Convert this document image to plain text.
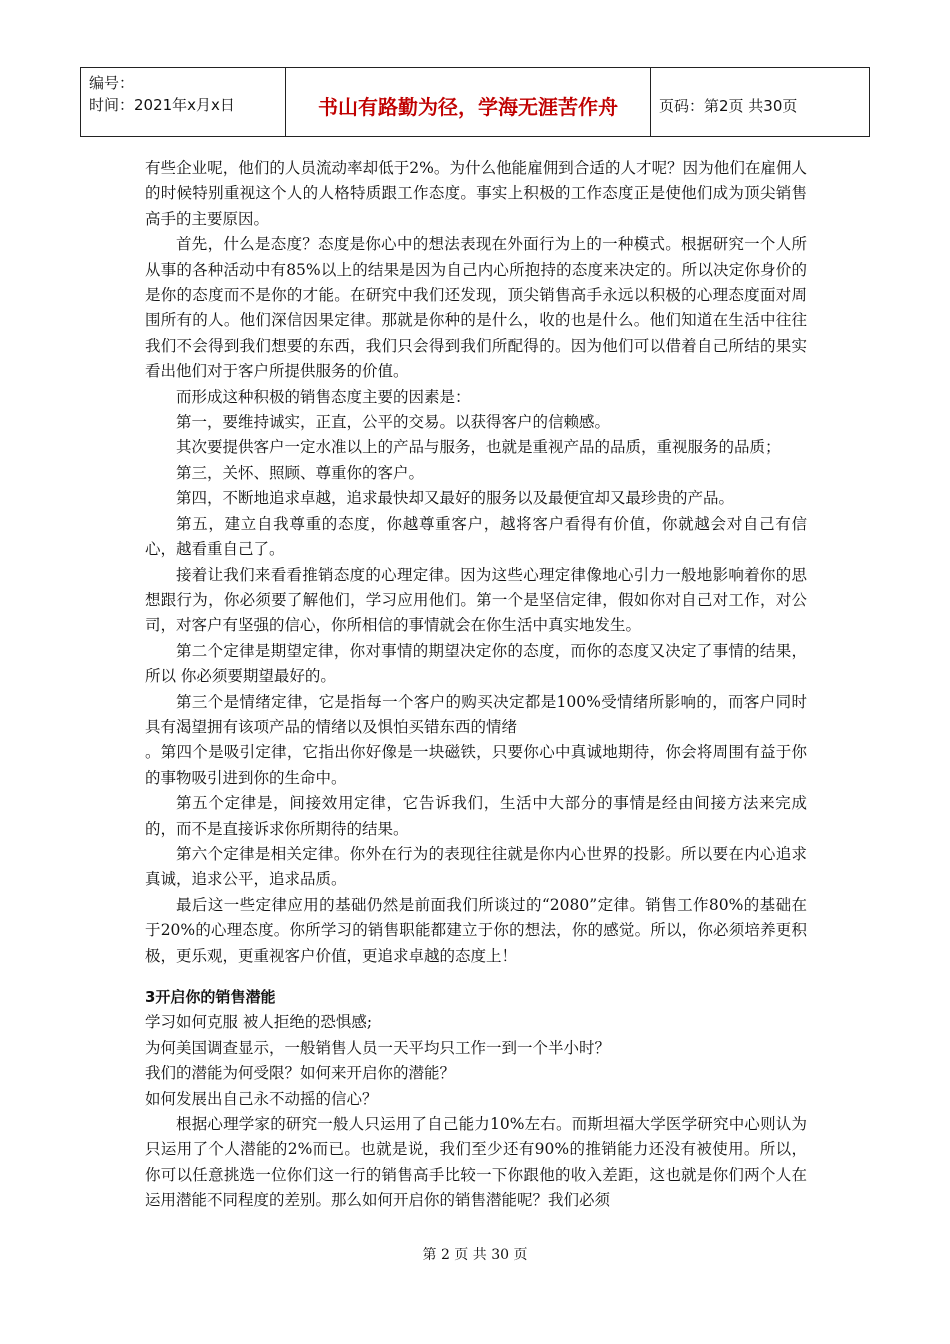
编号：
时间：2021年x月x日	书山有路勤为径，学海无涯苦作舟	页码：第2页 共30页

有些企业呢，他们的人员流动率却低于2%。为什么他能雇佣到合适的人才呢？因为他们在雇佣人的时候特别重视这个人的人格特质跟工作态度。事实上积极的工作态度正是使他们成为顶尖销售高手的主要原因。

首先，什么是态度？态度是你心中的想法表现在外面行为上的一种模式。根据研究一个人所从事的各种活动中有85%以上的结果是因为自己内心所抱持的态度来决定的。所以决定你身价的是你的态度而不是你的才能。在研究中我们还发现，顶尖销售高手永远以积极的心理态度面对周围所有的人。他们深信因果定律。那就是你种的是什么，收的也是什么。他们知道在生活中往往我们不会得到我们想要的东西，我们只会得到我们所配得的。因为他们可以借着自己所结的果实看出他们对于客户所提供服务的价值。

而形成这种积极的销售态度主要的因素是：

第一，要维持诚实，正直，公平的交易。以获得客户的信赖感。

其次要提供客户一定水准以上的产品与服务，也就是重视产品的品质，重视服务的品质；

第三，关怀、照顾、尊重你的客户。

第四，不断地追求卓越，追求最快却又最好的服务以及最便宜却又最珍贵的产品。

第五，建立自我尊重的态度，你越尊重客户，越将客户看得有价值，你就越会对自己有信心，越看重自己了。

接着让我们来看看推销态度的心理定律。因为这些心理定律像地心引力一般地影响着你的思想跟行为，你必须要了解他们，学习应用他们。第一个是坚信定律，假如你对自己对工作，对公司，对客户有坚强的信心，你所相信的事情就会在你生活中真实地发生。

第二个定律是期望定律，你对事情的期望决定你的态度，而你的态度又决定了事情的结果，所以 你必须要期望最好的。

第三个是情绪定律，它是指每一个客户的购买决定都是100%受情绪所影响的，而客户同时具有渴望拥有该项产品的情绪以及惧怕买错东西的情绪

。第四个是吸引定律，它指出你好像是一块磁铁，只要你心中真诚地期待，你会将周围有益于你的事物吸引进到你的生命中。

第五个定律是，间接效用定律，它告诉我们，生活中大部分的事情是经由间接方法来完成的，而不是直接诉求你所期待的结果。

第六个定律是相关定律。你外在行为的表现往往就是你内心世界的投影。所以要在内心追求真诚，追求公平，追求品质。

最后这一些定律应用的基础仍然是前面我们所谈过的“2080”定律。销售工作80%的基础在于20%的心理态度。你所学习的销售职能都建立于你的想法，你的感觉。所以，你必须培养更积极，更乐观，更重视客户价值，更追求卓越的态度上！

3开启你的销售潜能

学习如何克服 被人拒绝的恐惧感;

为何美国调查显示，一般销售人员一天平均只工作一到一个半小时？

我们的潜能为何受限？如何来开启你的潜能？

如何发展出自己永不动摇的信心？

根据心理学家的研究一般人只运用了自己能力10%左右。而斯坦福大学医学研究中心则认为 只运用了个人潜能的2%而已。也就是说，我们至少还有90%的推销能力还没有被使用。所以，你可以任意挑选一位你们这一行的销售高手比较一下你跟他的收入差距，这也就是你们两个人在运用潜能不同程度的差别。那么如何开启你的销售潜能呢？我们必须

第 2 页 共 30 页
